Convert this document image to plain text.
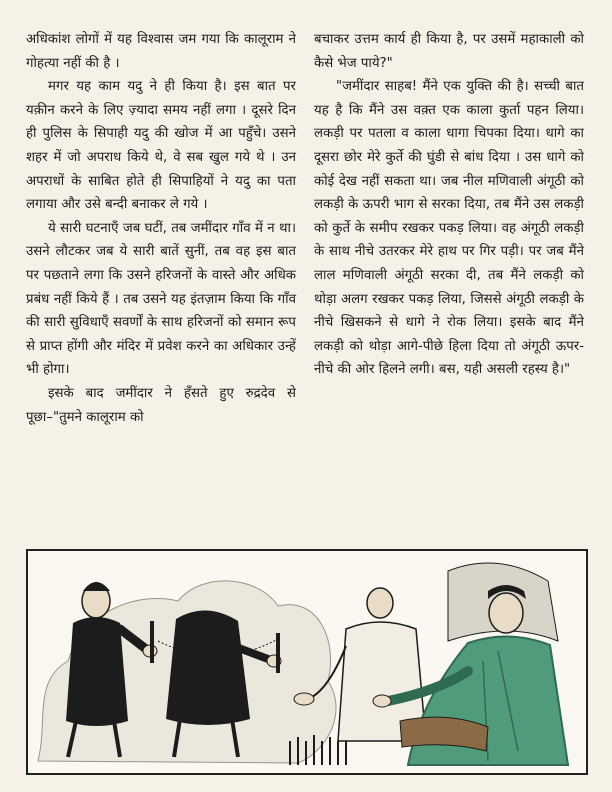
अधिकांश लोगों में यह विश्वास जम गया कि कालूराम ने गोहत्या नहीं की है ।

मगर यह काम यदु ने ही किया है। इस बात पर यक़ीन करने के लिए ज़्यादा समय नहीं लगा । दूसरे दिन ही पुलिस के सिपाही यदु की खोज में आ पहुँचे। उसने शहर में जो अपराध किये थे, वे सब खुल गये थे । उन अपराधों के साबित होते ही सिपाहियों ने यदु का पता लगाया और उसे बन्दी बनाकर ले गये ।

ये सारी घटनाएँ जब घटीं, तब जमींदार गाँव में न था। उसने लौटकर जब ये सारी बातें सुनीं, तब वह इस बात पर पछताने लगा कि उसने हरिजनों के वास्ते और अधिक प्रबंध नहीं किये हैं । तब उसने यह इंतज़ाम किया कि गाँव की सारी सुविधाएँ सवर्णों के साथ हरिजनों को समान रूप से प्राप्त होंगी और मंदिर में प्रवेश करने का अधिकार उन्हें भी होगा।

इसके बाद जमींदार ने हँसते हुए रुद्रदेव से पूछा–"तुमने कालूराम को

बचाकर उत्तम कार्य ही किया है, पर उसमें महाकाली को कैसे भेज पाये?"

"जमींदार साहब! मैंने एक युक्ति की है। सच्ची बात यह है कि मैंने उस वक़्त एक काला कुर्ता पहन लिया। लकड़ी पर पतला व काला धागा चिपका दिया। धागे का दूसरा छोर मेरे कुर्ते की घुंडी से बांध दिया । उस धागे को कोई देख नहीं सकता था। जब नील मणिवाली अंगूठी को लकड़ी के ऊपरी भाग से सरका दिया, तब मैंने उस लकड़ी को कुर्ते के समीप रखकर पकड़ लिया। वह अंगूठी लकड़ी के साथ नीचे उतरकर मेरे हाथ पर गिर पड़ी। पर जब मैंने लाल मणिवाली अंगूठी सरका दी, तब मैंने लकड़ी को थोड़ा अलग रखकर पकड़ लिया, जिससे अंगूठी लकड़ी के नीचे खिसकने से धागे ने रोक लिया। इसके बाद मैंने लकड़ी को थोड़ा आगे-पीछे हिला दिया तो अंगूठी ऊपर-नीचे की ओर हिलने लगी। बस, यही असली रहस्य है।"
